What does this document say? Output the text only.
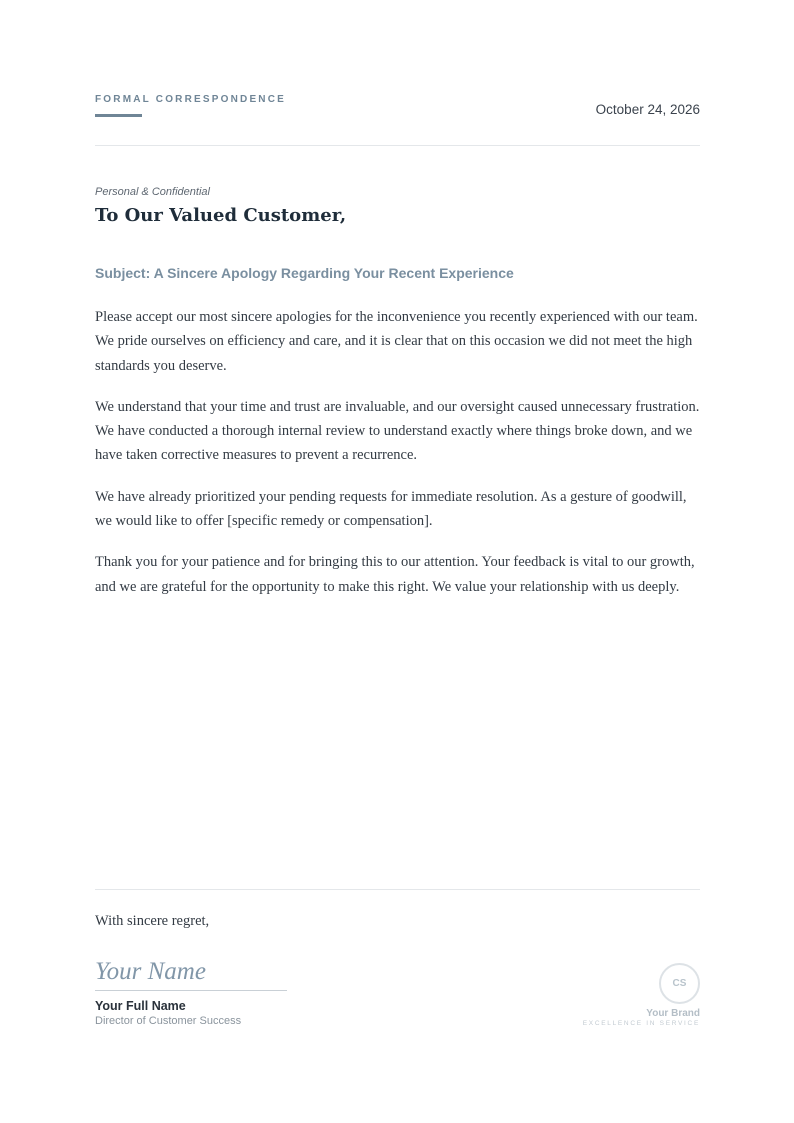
FORMAL CORRESPONDENCE
October 24, 2026
Personal & Confidential
To Our Valued Customer,
Subject: A Sincere Apology Regarding Your Recent Experience

Please accept our most sincere apologies for the inconvenience you recently experienced with our team. We pride ourselves on efficiency and care, and it is clear that on this occasion we did not meet the high standards you deserve.

We understand that your time and trust are invaluable, and our oversight caused unnecessary frustration. We have conducted a thorough internal review to understand exactly where things broke down, and we have taken corrective measures to prevent a recurrence.

We have already prioritized your pending requests for immediate resolution. As a gesture of goodwill, we would like to offer [specific remedy or compensation].

Thank you for your patience and for bringing this to our attention. Your feedback is vital to our growth, and we are grateful for the opportunity to make this right. We value your relationship with us deeply.

With sincere regret,
Your Name
Your Full Name
Director of Customer Success
CS
Your Brand
EXCELLENCE IN SERVICE
